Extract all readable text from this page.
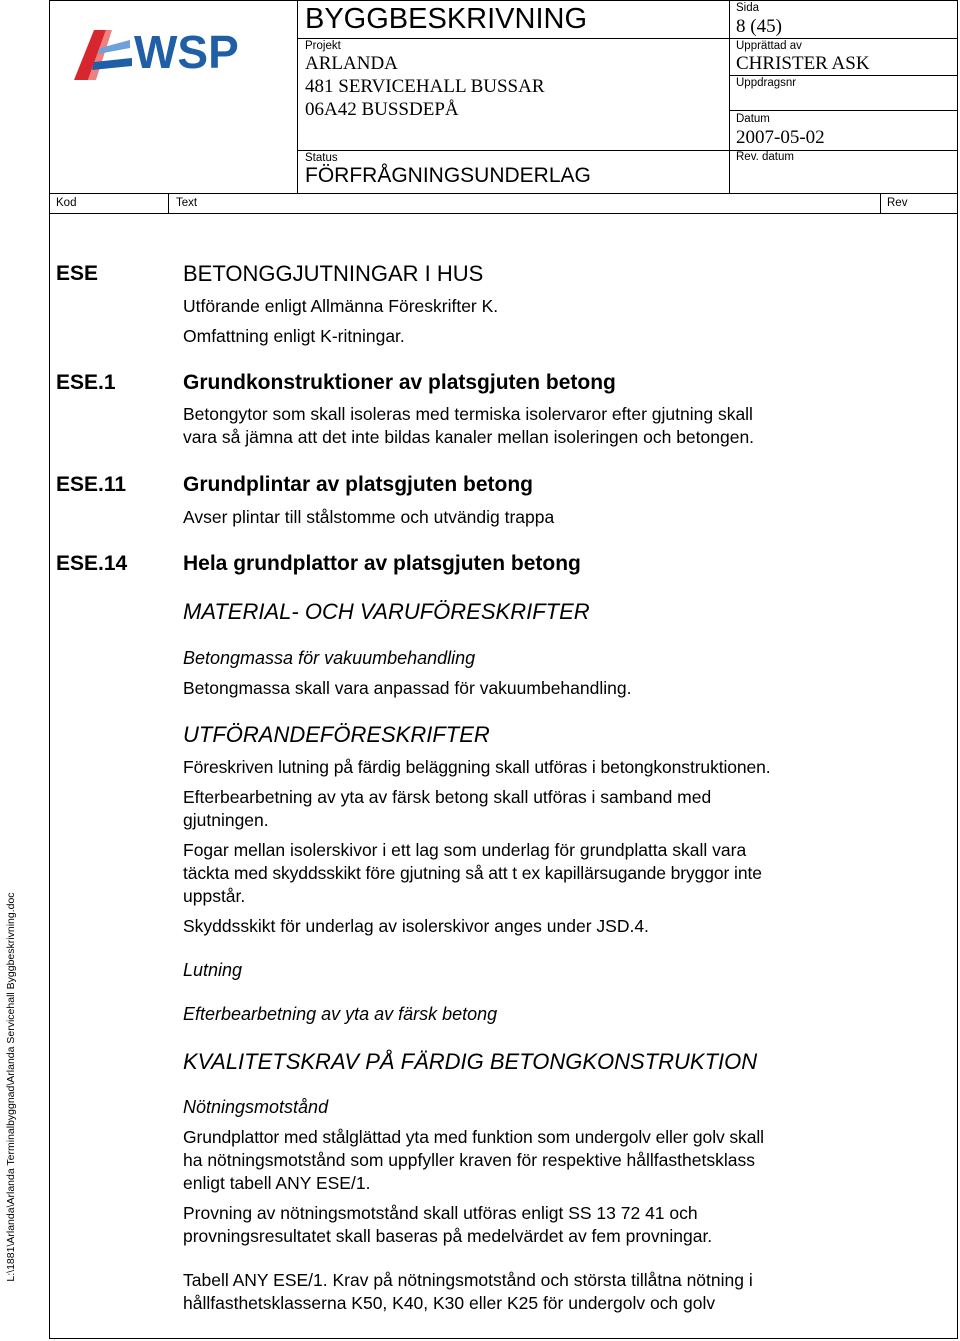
WSP
BYGGBESKRIVNING
Projekt
ARLANDA
481 SERVICEHALL BUSSAR
06A42 BUSSDEPÅ
Status
FÖRFRÅGNINGSUNDERLAG
Sida
8 (45)
Upprättad av
CHRISTER ASK
Uppdragsnr
Datum
2007-05-02
Rev. datum
Kod	Text	Rev
L:\1881\Arlanda\Arlanda Terminalbyggnad\Arlanda Servicehall Byggbeskrivning.doc
ESE	BETONGGJUTNINGAR I HUS
Utförande enligt Allmänna Föreskrifter K.
Omfattning enligt K-ritningar.
ESE.1	Grundkonstruktioner av platsgjuten betong
Betongytor som skall isoleras med termiska isolervaror efter gjutning skall
vara så jämna att det inte bildas kanaler mellan isoleringen och betongen.
ESE.11	Grundplintar av platsgjuten betong
Avser plintar till stålstomme och utvändig trappa
ESE.14	Hela grundplattor av platsgjuten betong
MATERIAL- OCH VARUFÖRESKRIFTER
Betongmassa för vakuumbehandling
Betongmassa skall vara anpassad för vakuumbehandling.
UTFÖRANDEFÖRESKRIFTER
Föreskriven lutning på färdig beläggning skall utföras i betongkonstruktionen.
Efterbearbetning av yta av färsk betong skall utföras i samband med
gjutningen.
Fogar mellan isolerskivor i ett lag som underlag för grundplatta skall vara
täckta med skyddsskikt före gjutning så att t ex kapillärsugande bryggor inte
uppstår.
Skyddsskikt för underlag av isolerskivor anges under JSD.4.
Lutning
Efterbearbetning av yta av färsk betong
KVALITETSKRAV PÅ FÄRDIG BETONGKONSTRUKTION
Nötningsmotstånd
Grundplattor med stålglättad yta med funktion som undergolv eller golv skall
ha nötningsmotstånd som uppfyller kraven för respektive hållfasthetsklass
enligt tabell ANY ESE/1.
Provning av nötningsmotstånd skall utföras enligt SS 13 72 41 och
provningsresultatet skall baseras på medelvärdet av fem provningar.
Tabell ANY ESE/1. Krav på nötningsmotstånd och största tillåtna nötning i
hållfasthetsklasserna K50, K40, K30 eller K25 för undergolv och golv
